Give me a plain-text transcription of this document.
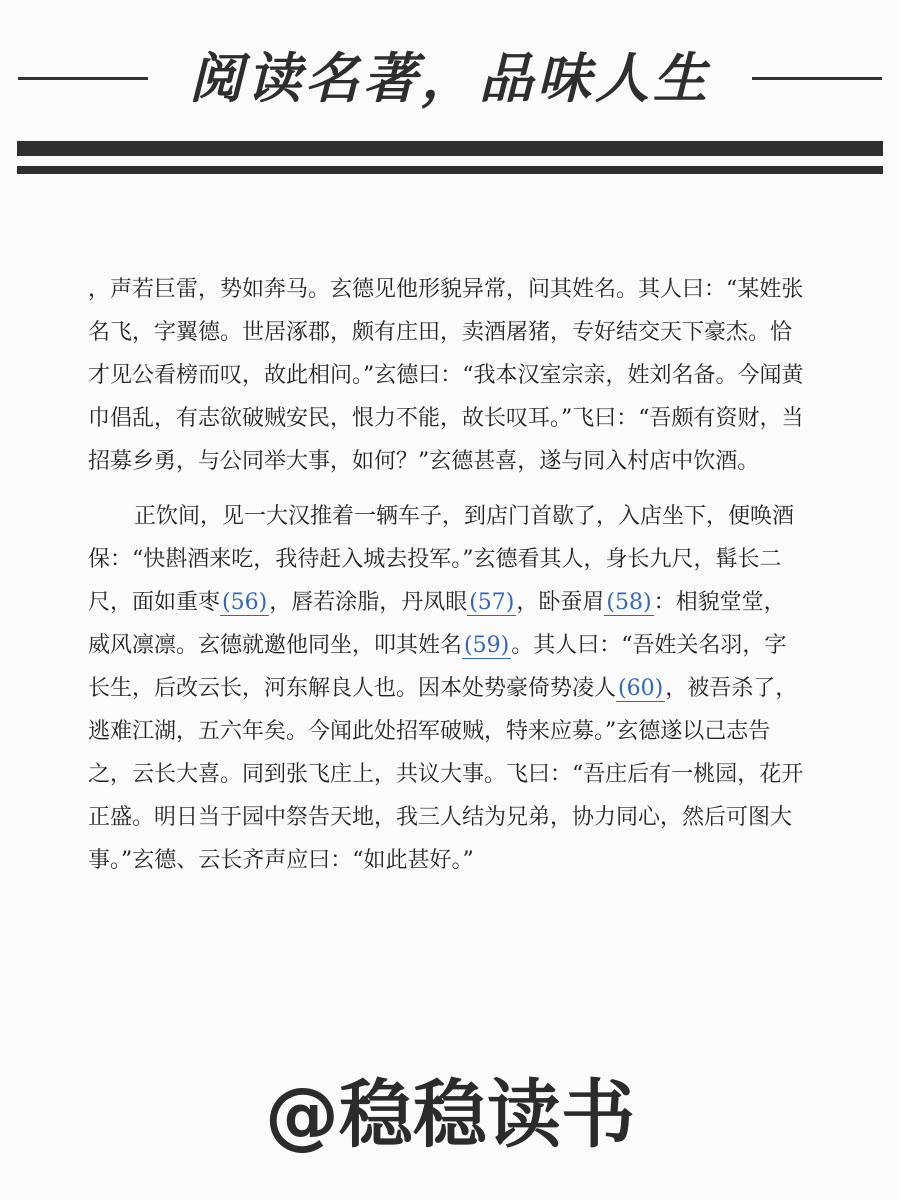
阅读名著，品味人生

，声若巨雷，势如奔马。玄德见他形貌异常，问其姓名。其人曰：“某姓张名飞，字翼德。世居涿郡，颇有庄田，卖酒屠猪，专好结交天下豪杰。恰才见公看榜而叹，故此相问。”玄德曰：“我本汉室宗亲，姓刘名备。今闻黄巾倡乱，有志欲破贼安民，恨力不能，故长叹耳。”飞曰：“吾颇有资财，当招募乡勇，与公同举大事，如何？”玄德甚喜，遂与同入村店中饮酒。

正饮间，见一大汉推着一辆车子，到店门首歇了，入店坐下，便唤酒保：“快斟酒来吃，我待赶入城去投军。”玄德看其人，身长九尺，髯长二尺，面如重枣(56)，唇若涂脂，丹凤眼(57)，卧蚕眉(58)：相貌堂堂，威风凛凛。玄德就邀他同坐，叩其姓名(59)。其人曰：“吾姓关名羽，字长生，后改云长，河东解良人也。因本处势豪倚势凌人(60)，被吾杀了，逃难江湖，五六年矣。今闻此处招军破贼，特来应募。”玄德遂以己志告之，云长大喜。同到张飞庄上，共议大事。飞曰：“吾庄后有一桃园，花开正盛。明日当于园中祭告天地，我三人结为兄弟，协力同心，然后可图大事。”玄德、云长齐声应曰：“如此甚好。”

@稳稳读书
